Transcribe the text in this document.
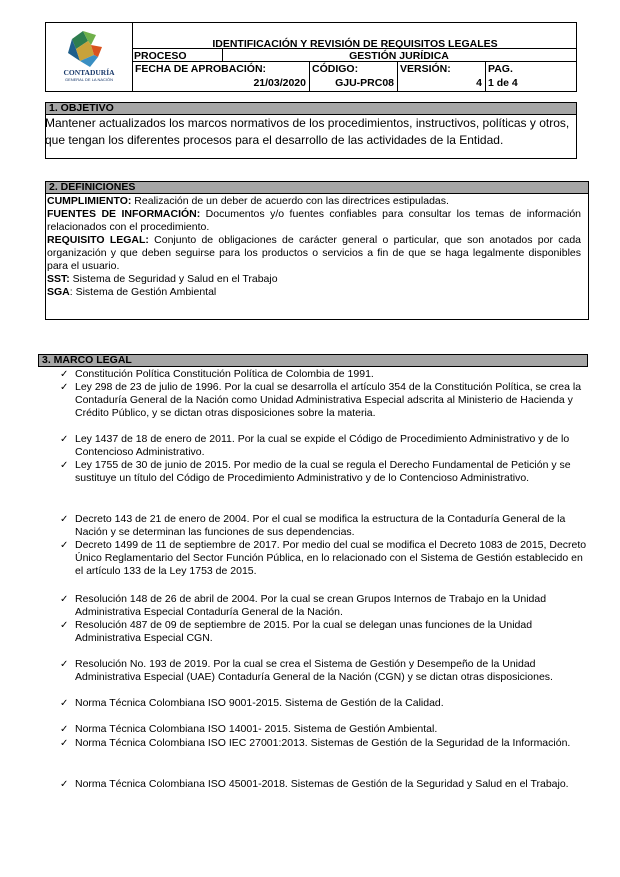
CONTADURÍA
GENERAL DE LA NACIÓN
IDENTIFICACIÓN Y REVISIÓN DE REQUISITOS LEGALES
PROCESO	GESTIÓN JURÍDICA
FECHA DE APROBACIÓN:
21/03/2020
CÓDIGO:
GJU-PRC08
VERSIÓN:
4
PAG.
1 de 4
1. OBJETIVO
Mantener actualizados los marcos normativos de los procedimientos, instructivos, políticas y otros, que tengan los diferentes procesos para el desarrollo de las actividades de la Entidad.
2. DEFINICIONES
CUMPLIMIENTO: Realización de un deber de acuerdo con las directrices estipuladas.
FUENTES DE INFORMACIÓN: Documentos y/o fuentes confiables para consultar los temas de información relacionados con el procedimiento.
REQUISITO LEGAL: Conjunto de obligaciones de carácter general o particular, que son anotados por cada organización y que deben seguirse para los productos o servicios a fin de que se haga legalmente disponibles para el usuario.
SST: Sistema de Seguridad y Salud en el Trabajo
SGA: Sistema de Gestión Ambiental
3. MARCO LEGAL
✓ Constitución Política Constitución Política de Colombia de 1991.
✓ Ley 298 de 23 de julio de 1996. Por la cual se desarrolla el artículo 354 de la Constitución Política, se crea la Contaduría General de la Nación como Unidad Administrativa Especial adscrita al Ministerio de Hacienda y Crédito Público, y se dictan otras disposiciones sobre la materia.
✓ Ley 1437 de 18 de enero de 2011. Por la cual se expide el Código de Procedimiento Administrativo y de lo Contencioso Administrativo.
✓ Ley 1755 de 30 de junio de 2015. Por medio de la cual se regula el Derecho Fundamental de Petición y se sustituye un título del Código de Procedimiento Administrativo y de lo Contencioso Administrativo.
✓ Decreto 143 de 21 de enero de 2004. Por el cual se modifica la estructura de la Contaduría General de la Nación y se determinan las funciones de sus dependencias.
✓ Decreto 1499 de 11 de septiembre de 2017. Por medio del cual se modifica el Decreto 1083 de 2015, Decreto Único Reglamentario del Sector Función Pública, en lo relacionado con el Sistema de Gestión establecido en el artículo 133 de la Ley 1753 de 2015.
✓ Resolución 148 de 26 de abril de 2004. Por la cual se crean Grupos Internos de Trabajo en la Unidad Administrativa Especial Contaduría General de la Nación.
✓ Resolución 487 de 09 de septiembre de 2015. Por la cual se delegan unas funciones de la Unidad Administrativa Especial CGN.
✓ Resolución No. 193 de 2019. Por la cual se crea el Sistema de Gestión y Desempeño de la Unidad Administrativa Especial (UAE) Contaduría General de la Nación (CGN) y se dictan otras disposiciones.
✓ Norma Técnica Colombiana ISO 9001-2015. Sistema de Gestión de la Calidad.
✓ Norma Técnica Colombiana ISO 14001- 2015. Sistema de Gestión Ambiental.
✓ Norma Técnica Colombiana ISO IEC 27001:2013. Sistemas de Gestión de la Seguridad de la Información.
✓ Norma Técnica Colombiana ISO 45001-2018. Sistemas de Gestión de la Seguridad y Salud en el Trabajo.
